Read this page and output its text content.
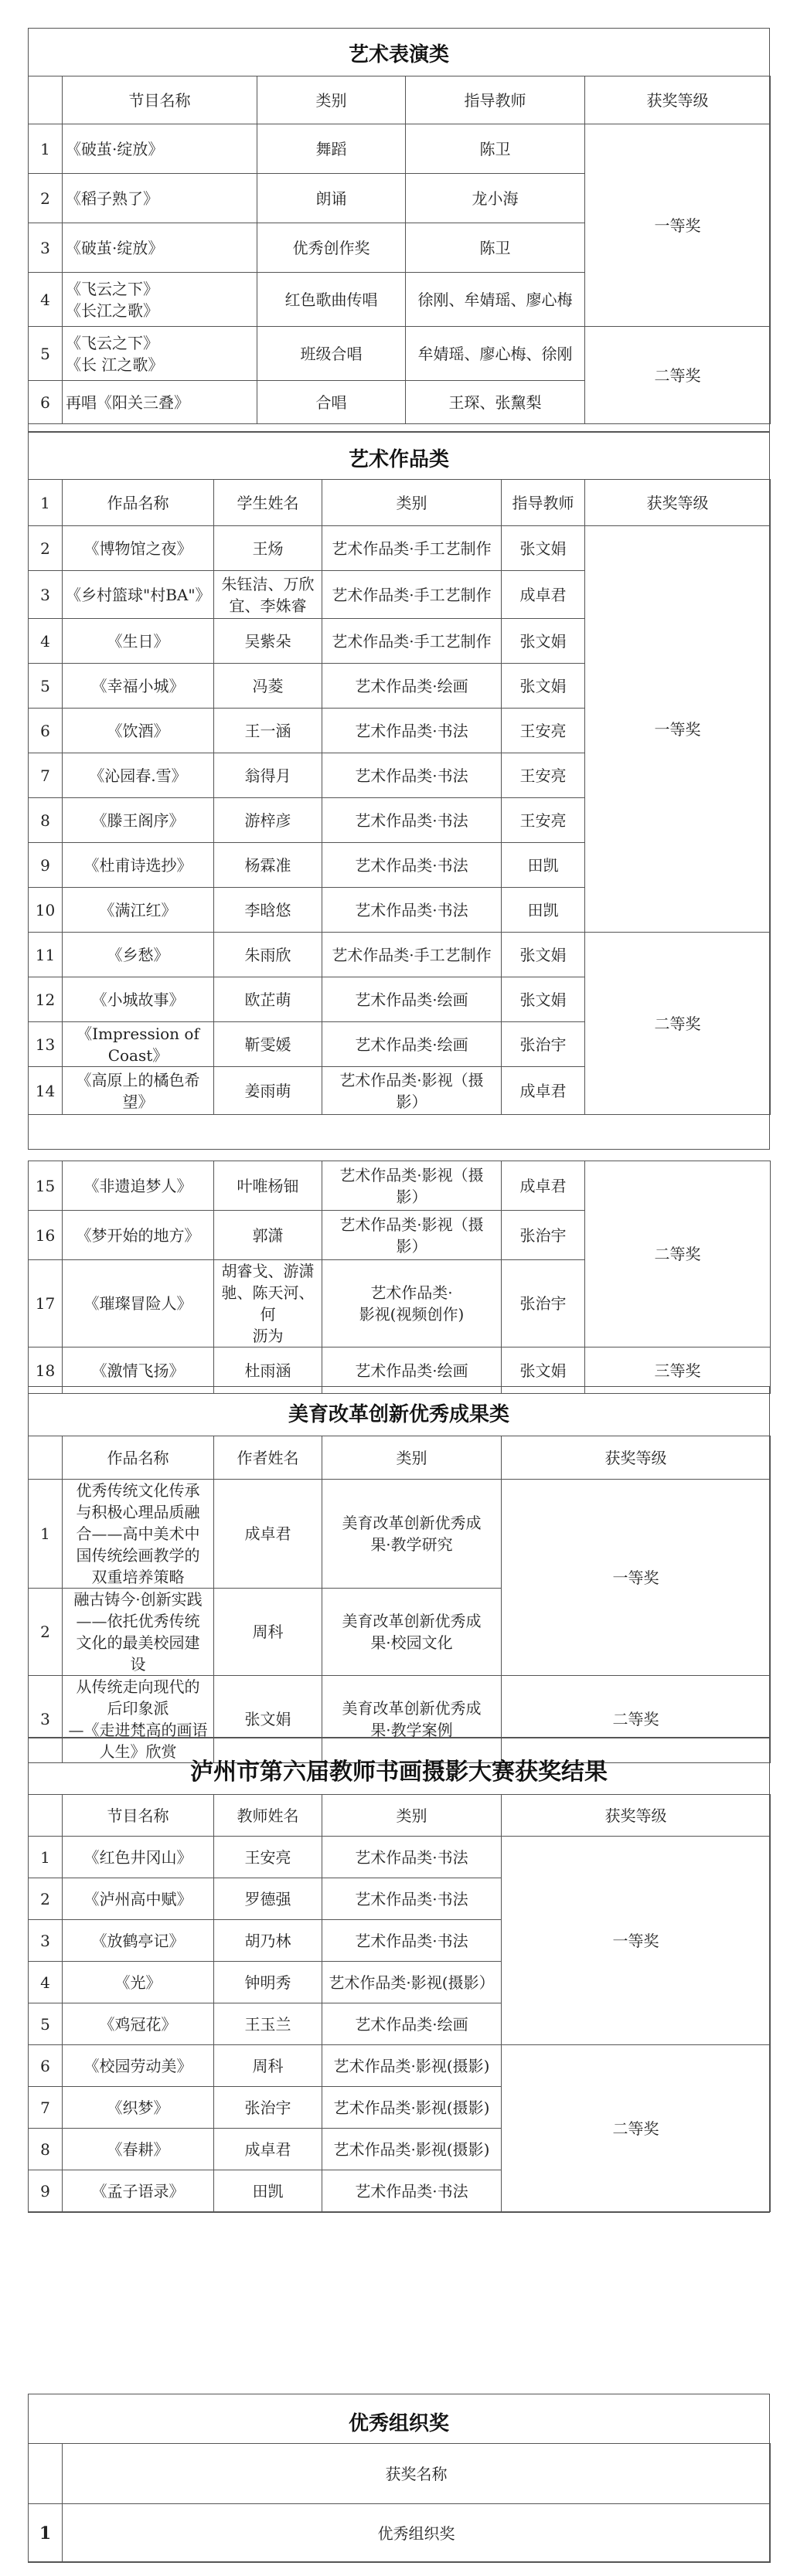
艺术表演类
	节目名称	类别	指导教师	获奖等级
1	《破茧·绽放》	舞蹈	陈卫	一等奖
2	《稻子熟了》	朗诵	龙小海	
3	《破茧·绽放》	优秀创作奖	陈卫	
4	《飞云之下》
《长江之歌》	红色歌曲传唱	徐刚、牟婧瑶、廖心梅	
5	《飞云之下》
《长 江之歌》	班级合唱	牟婧瑶、廖心梅、徐刚	二等奖
6	再唱《阳关三叠》	合唱	王琛、张黧梨	
艺术作品类
1	作品名称	学生姓名	类别	指导教师	获奖等级
2	《博物馆之夜》	王炀	艺术作品类·手工艺制作	张文娟	一等奖
3	《乡村篮球"村BA"》	朱钰洁、万欣
宜、李姝睿	艺术作品类·手工艺制作	成卓君	
4	《生日》	吴紫朵	艺术作品类·手工艺制作	张文娟	
5	《幸福小城》	冯菱	艺术作品类·绘画	张文娟	
6	《饮酒》	王一涵	艺术作品类·书法	王安亮	
7	《沁园春.雪》	翁得月	艺术作品类·书法	王安亮	
8	《滕王阁序》	游梓彦	艺术作品类·书法	王安亮	
9	《杜甫诗选抄》	杨霖准	艺术作品类·书法	田凯	
10	《满江红》	李晗悠	艺术作品类·书法	田凯	
11	《乡愁》	朱雨欣	艺术作品类·手工艺制作	张文娟	二等奖
12	《小城故事》	欧芷萌	艺术作品类·绘画	张文娟	
13	《Impression of
Coast》	靳雯媛	艺术作品类·绘画	张治宇	
14	《高原上的橘色希
望》	姜雨萌	艺术作品类·影视（摄
影）	成卓君	
15	《非遗追梦人》	叶唯杨钿	艺术作品类·影视（摄
影）	成卓君	二等奖
16	《梦开始的地方》	郭潇	艺术作品类·影视（摄
影）	张治宇	
17	《璀璨冒险人》	胡睿戈、游潇
驰、陈天河、何
沥为	艺术作品类·
影视(视频创作)	张治宇	
18	《激情飞扬》	杜雨涵	艺术作品类·绘画	张文娟	三等奖
美育改革创新优秀成果类
	作品名称	作者姓名	类别	获奖等级
1	优秀传统文化传承
与积极心理品质融
合——高中美术中
国传统绘画教学的
双重培养策略	成卓君	美育改革创新优秀成
果·教学研究	一等奖
2	融古铸今·创新实践
——依托优秀传统
文化的最美校园建
设	周科	美育改革创新优秀成
果·校园文化	
3	从传统走向现代的
后印象派
—《走进梵高的画语
人生》欣赏	张文娟	美育改革创新优秀成
果·教学案例	二等奖
泸州市第六届教师书画摄影大赛获奖结果
	节目名称	教师姓名	类别	获奖等级
1	《红色井冈山》	王安亮	艺术作品类·书法	一等奖
2	《泸州高中赋》	罗德强	艺术作品类·书法	
3	《放鹤亭记》	胡乃林	艺术作品类·书法	
4	《光》	钟明秀	艺术作品类·影视(摄影）	
5	《鸡冠花》	王玉兰	艺术作品类·绘画	
6	《校园劳动美》	周科	艺术作品类·影视(摄影)	二等奖
7	《织梦》	张治宇	艺术作品类·影视(摄影)	
8	《春耕》	成卓君	艺术作品类·影视(摄影)	
9	《孟子语录》	田凯	艺术作品类·书法	
优秀组织奖
	获奖名称
1	优秀组织奖
